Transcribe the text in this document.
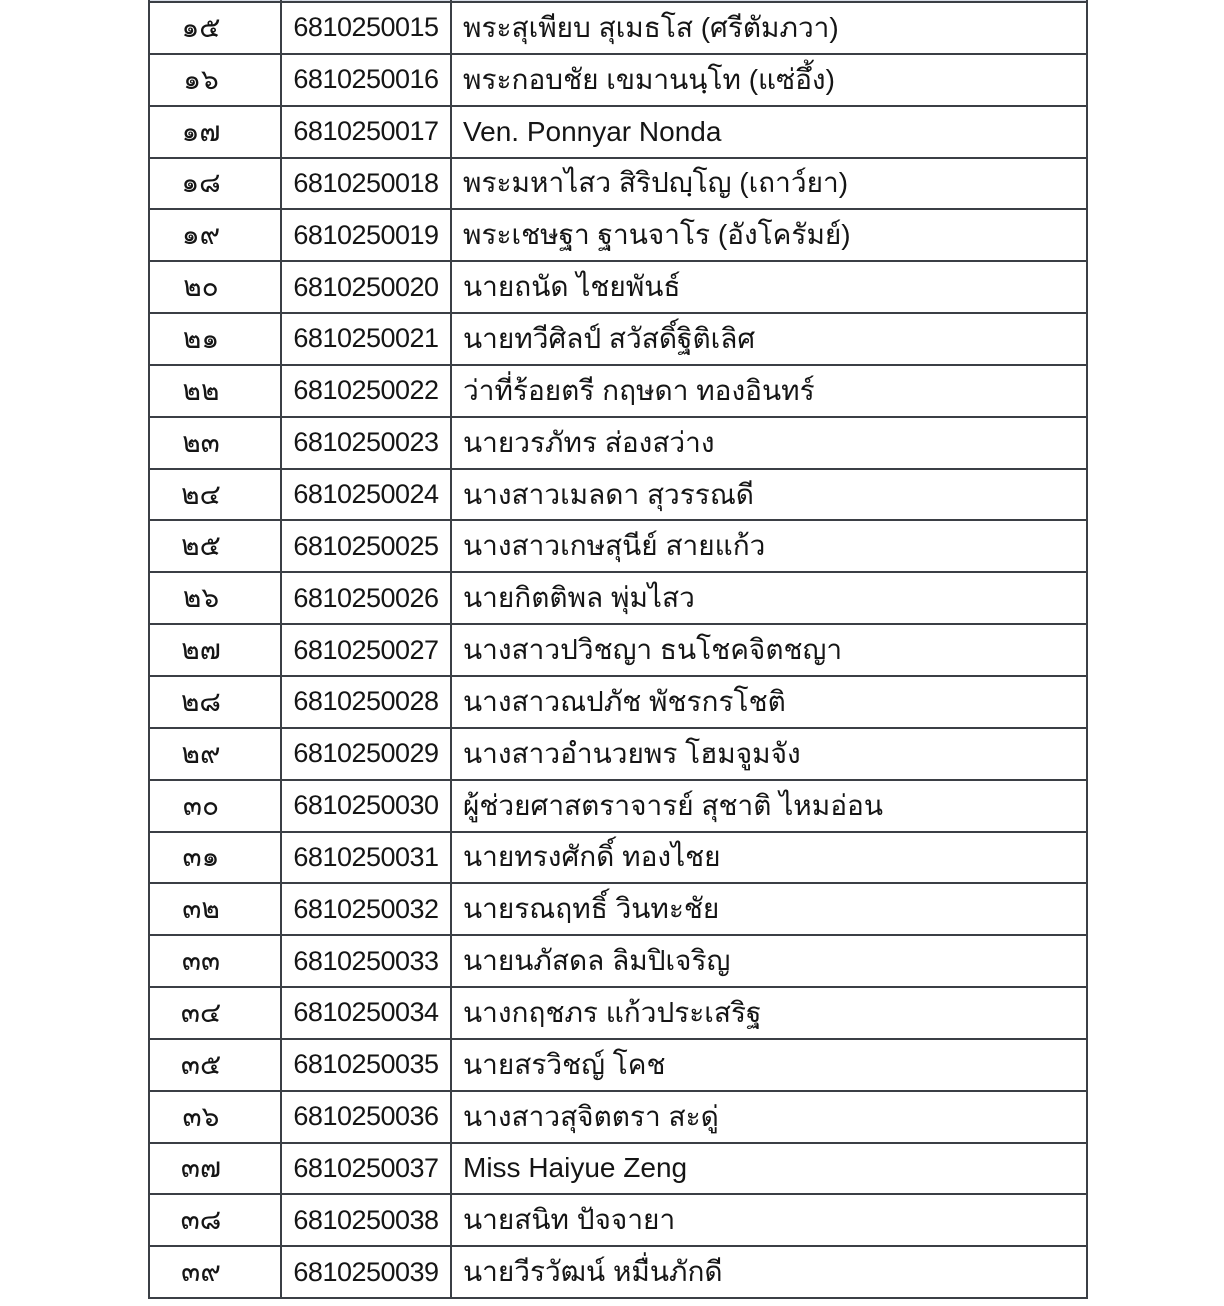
๑๕	6810250015 พระสุเพียบ สุเมธโส (ศรีตัมภวา)
๑๖	6810250016 พระกอบชัย เขมานนฺโท (แซ่อึ้ง)
๑๗	6810250017 Ven. Ponnyar Nonda
๑๘	6810250018 พระมหาไสว สิริปญฺโญ (เถาว์ยา)
๑๙	6810250019 พระเชษฐา ฐานจาโร (อังโครัมย์)
๒๐	6810250020 นายถนัด ไชยพันธ์
๒๑	6810250021 นายทวีศิลป์ สวัสดิ์ฐิติเลิศ
๒๒	6810250022 ว่าที่ร้อยตรี กฤษดา ทองอินทร์
๒๓	6810250023 นายวรภัทร ส่องสว่าง
๒๔	6810250024 นางสาวเมลดา สุวรรณดี
๒๕	6810250025 นางสาวเกษสุนีย์ สายแก้ว
๒๖	6810250026 นายกิตติพล พุ่มไสว
๒๗	6810250027 นางสาวปวิชญา ธนโชคจิตชญา
๒๘	6810250028 นางสาวณปภัช พัชรกรโชติ
๒๙	6810250029 นางสาวอำนวยพร โฮมจูมจัง
๓๐	6810250030 ผู้ช่วยศาสตราจารย์ สุชาติ ไหมอ่อน
๓๑	6810250031 นายทรงศักดิ์ ทองไชย
๓๒	6810250032 นายรณฤทธิ์ วินทะชัย
๓๓	6810250033 นายนภัสดล ลิมปิเจริญ
๓๔	6810250034 นางกฤชภร แก้วประเสริฐ
๓๕	6810250035 นายสรวิชญ์ โคช
๓๖	6810250036 นางสาวสุจิตตรา สะดู่
๓๗	6810250037 Miss Haiyue Zeng
๓๘	6810250038 นายสนิท ปัจจายา
๓๙	6810250039 นายวีรวัฒน์ หมื่นภักดี
